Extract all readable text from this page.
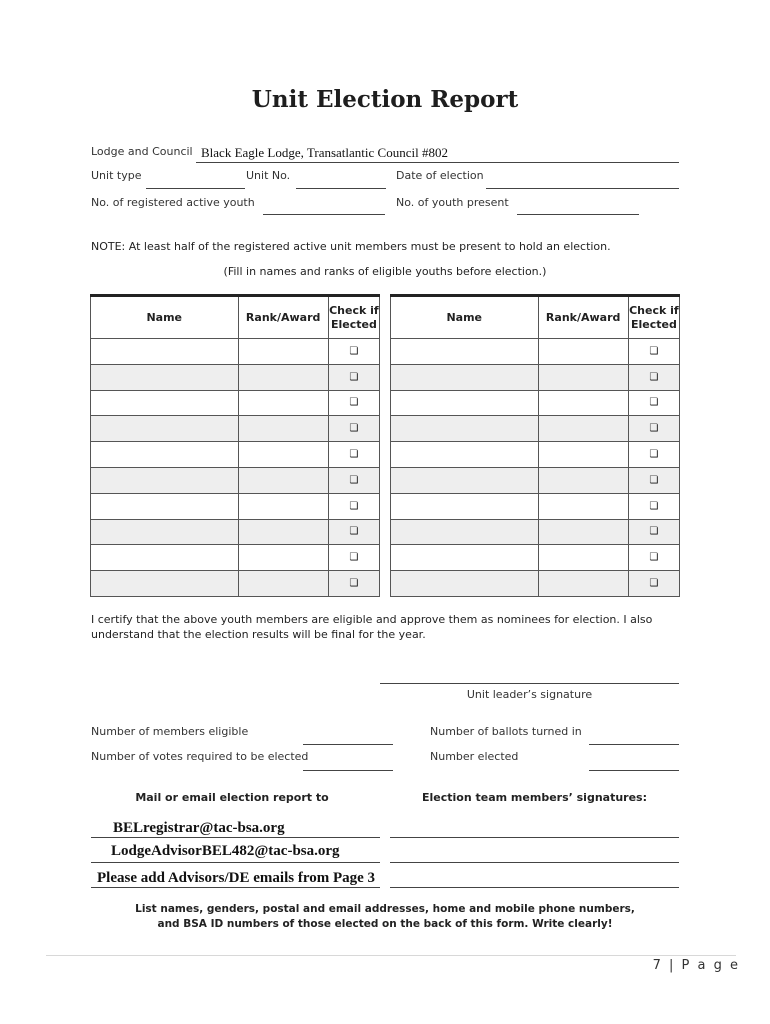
Unit Election Report
Lodge and Council Black Eagle Lodge, Transatlantic Council #802
Unit type	Unit No.	Date of election
No. of registered active youth	No. of youth present
NOTE: At least half of the registered active unit members must be present to hold an election.
(Fill in names and ranks of eligible youths before election.)
Name	Rank/Award	Check if
Elected
		❏
		❏
		❏
		❏
		❏
		❏
		❏
		❏
		❏
		❏
Name	Rank/Award	Check if
Elected
		❏
		❏
		❏
		❏
		❏
		❏
		❏
		❏
		❏
		❏
I certify that the above youth members are eligible and approve them as nominees for election. I also understand that the election results will be final for the year.
Unit leader’s signature
Number of members eligible	Number of ballots turned in
Number of votes required to be elected	Number elected
Mail or email election report to	Election team members’ signatures:
BELregistrar@tac-bsa.org
LodgeAdvisorBEL482@tac-bsa.org
Please add Advisors/DE emails from Page 3
List names, genders, postal and email addresses, home and mobile phone numbers,
and BSA ID numbers of those elected on the back of this form. Write clearly!
7 | P a g e
